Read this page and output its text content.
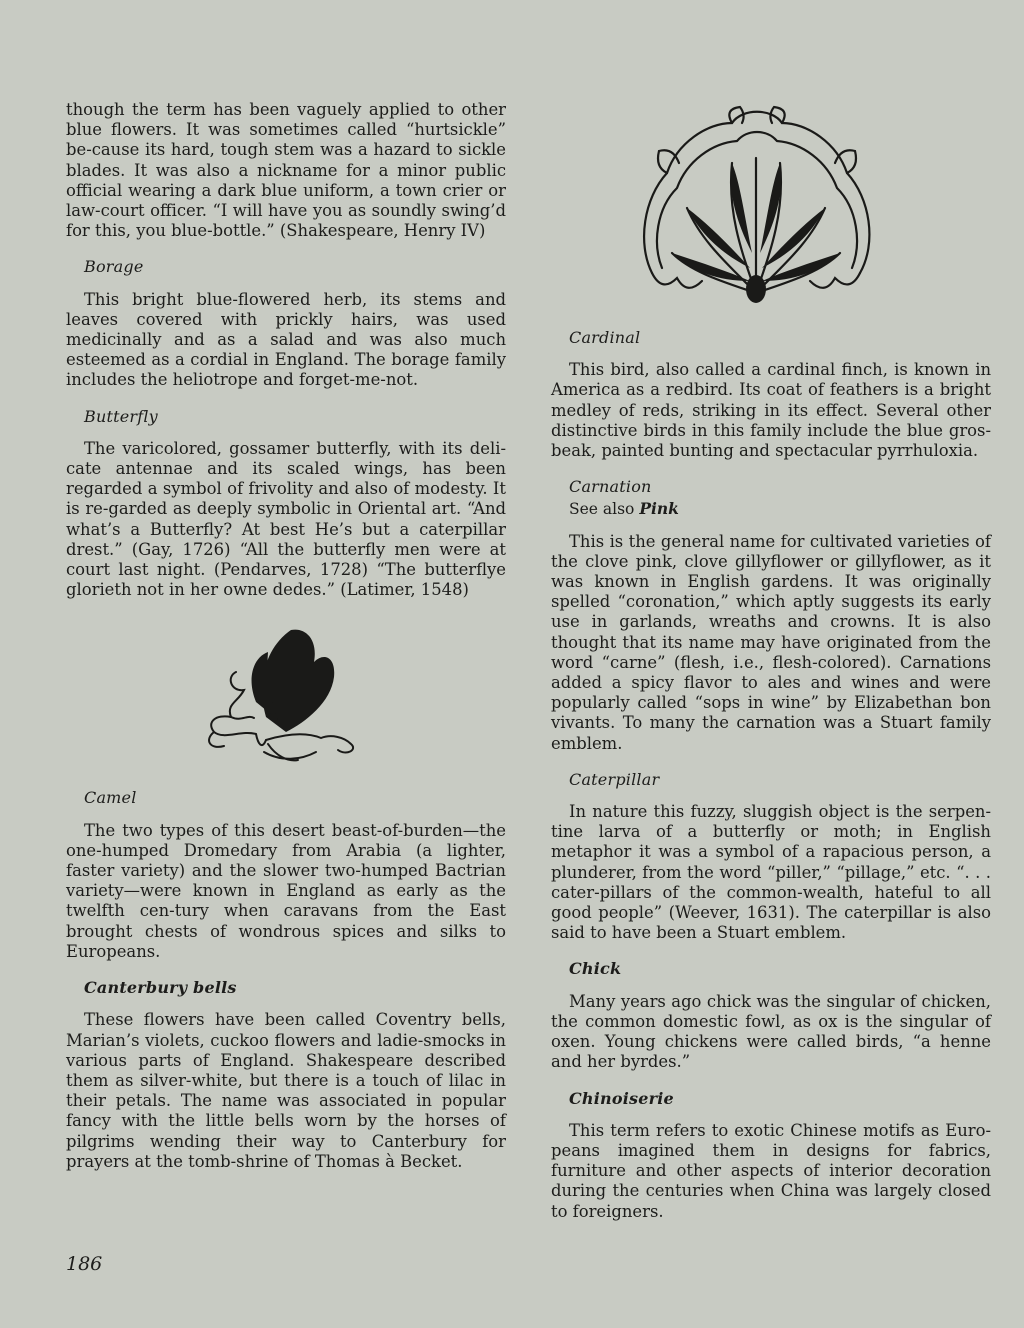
though the term has been vaguely applied to other blue flowers. It was sometimes called “hurtsickle” be-cause its hard, tough stem was a hazard to sickle blades. It was also a nickname for a minor public official wearing a dark blue uniform, a town crier or law-court officer. “I will have you as soundly swing’d for this, you blue-bottle.” (Shakespeare, Henry IV)

Borage

This bright blue-flowered herb, its stems and leaves covered with prickly hairs, was used medicinally and as a salad and was also much esteemed as a cordial in England. The borage family includes the heliotrope and forget-me-not.

Butterfly

The varicolored, gossamer butterfly, with its deli-cate antennae and its scaled wings, has been regarded a symbol of frivolity and also of modesty. It is re-garded as deeply symbolic in Oriental art. “And what’s a Butterfly? At best He’s but a caterpillar drest.” (Gay, 1726) “All the butterfly men were at court last night. (Pendarves, 1728) “The butterflye glorieth not in her owne dedes.” (Latimer, 1548)

Camel

The two types of this desert beast-of-burden—the one-humped Dromedary from Arabia (a lighter, faster variety) and the slower two-humped Bactrian variety—were known in England as early as the twelfth cen-tury when caravans from the East brought chests of wondrous spices and silks to Europeans.

Canterbury bells

These flowers have been called Coventry bells, Marian’s violets, cuckoo flowers and ladie-smocks in various parts of England. Shakespeare described them as silver-white, but there is a touch of lilac in their petals. The name was associated in popular fancy with the little bells worn by the horses of pilgrims wending their way to Canterbury for prayers at the tomb-shrine of Thomas à Becket.

Cardinal

This bird, also called a cardinal finch, is known in America as a redbird. Its coat of feathers is a bright medley of reds, striking in its effect. Several other distinctive birds in this family include the blue gros-beak, painted bunting and spectacular pyrrhuloxia.

Carnation
See also Pink

This is the general name for cultivated varieties of the clove pink, clove gillyflower or gillyflower, as it was known in English gardens. It was originally spelled “coronation,” which aptly suggests its early use in garlands, wreaths and crowns. It is also thought that its name may have originated from the word “carne” (flesh, i.e., flesh-colored). Carnations added a spicy flavor to ales and wines and were popularly called “sops in wine” by Elizabethan bon vivants. To many the carnation was a Stuart family emblem.

Caterpillar

In nature this fuzzy, sluggish object is the serpen-tine larva of a butterfly or moth; in English metaphor it was a symbol of a rapacious person, a plunderer, from the word “piller,” “pillage,” etc. “. . . cater-pillars of the common-wealth, hateful to all good people” (Weever, 1631). The caterpillar is also said to have been a Stuart emblem.

Chick

Many years ago chick was the singular of chicken, the common domestic fowl, as ox is the singular of oxen. Young chickens were called birds, “a henne and her byrdes.”

Chinoiserie

This term refers to exotic Chinese motifs as Euro-peans imagined them in designs for fabrics, furniture and other aspects of interior decoration during the centuries when China was largely closed to foreigners.

186
